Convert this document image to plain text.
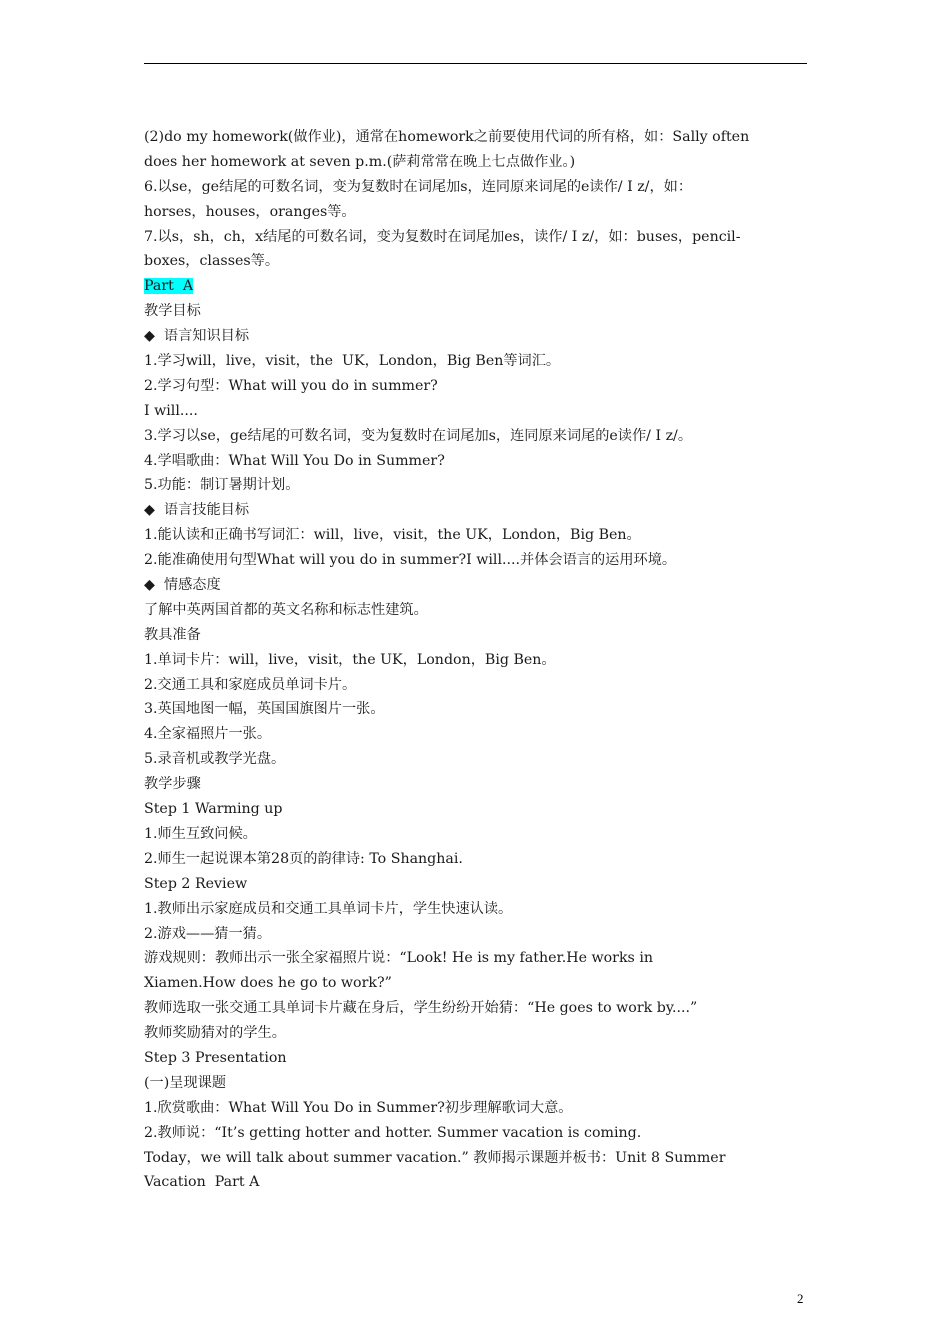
(2)do my homework(做作业)，通常在homework之前要使用代词的所有格，如：Sally often
does her homework at seven p.m.(萨莉常常在晚上七点做作业。)
6.以se，ge结尾的可数名词，变为复数时在词尾加s，连同原来词尾的e读作/ I z/，如：
horses，houses，oranges等。
7.以s，sh，ch，x结尾的可数名词，变为复数时在词尾加es，读作/ I z/，如：buses，pencil-
boxes，classes等。
Part  A
教学目标
◆  语言知识目标
1.学习will，live，visit，the  UK，London，Big Ben等词汇。
2.学习句型：What will you do in summer?
I will....
3.学习以se，ge结尾的可数名词，变为复数时在词尾加s，连同原来词尾的e读作/ I z/。
4.学唱歌曲：What Will You Do in Summer?
5.功能：制订暑期计划。
◆  语言技能目标
1.能认读和正确书写词汇：will，live，visit，the UK，London，Big Ben。
2.能准确使用句型What will you do in summer?I will....并体会语言的运用环境。
◆  情感态度
了解中英两国首都的英文名称和标志性建筑。
教具准备
1.单词卡片：will，live，visit，the UK，London，Big Ben。
2.交通工具和家庭成员单词卡片。
3.英国地图一幅，英国国旗图片一张。
4.全家福照片一张。
5.录音机或教学光盘。
教学步骤
Step 1 Warming up
1.师生互致问候。
2.师生一起说课本第28页的韵律诗: To Shanghai.
Step 2 Review
1.教师出示家庭成员和交通工具单词卡片，学生快速认读。
2.游戏——猜一猜。
游戏规则：教师出示一张全家福照片说：“Look! He is my father.He works in
Xiamen.How does he go to work?”
教师选取一张交通工具单词卡片藏在身后，学生纷纷开始猜：“He goes to work by....”
教师奖励猜对的学生。
Step 3 Presentation
(一)呈现课题
1.欣赏歌曲：What Will You Do in Summer?初步理解歌词大意。
2.教师说：“It’s getting hotter and hotter. Summer vacation is coming.
Today，we will talk about summer vacation.” 教师揭示课题并板书：Unit 8 Summer
Vacation  Part A
2
